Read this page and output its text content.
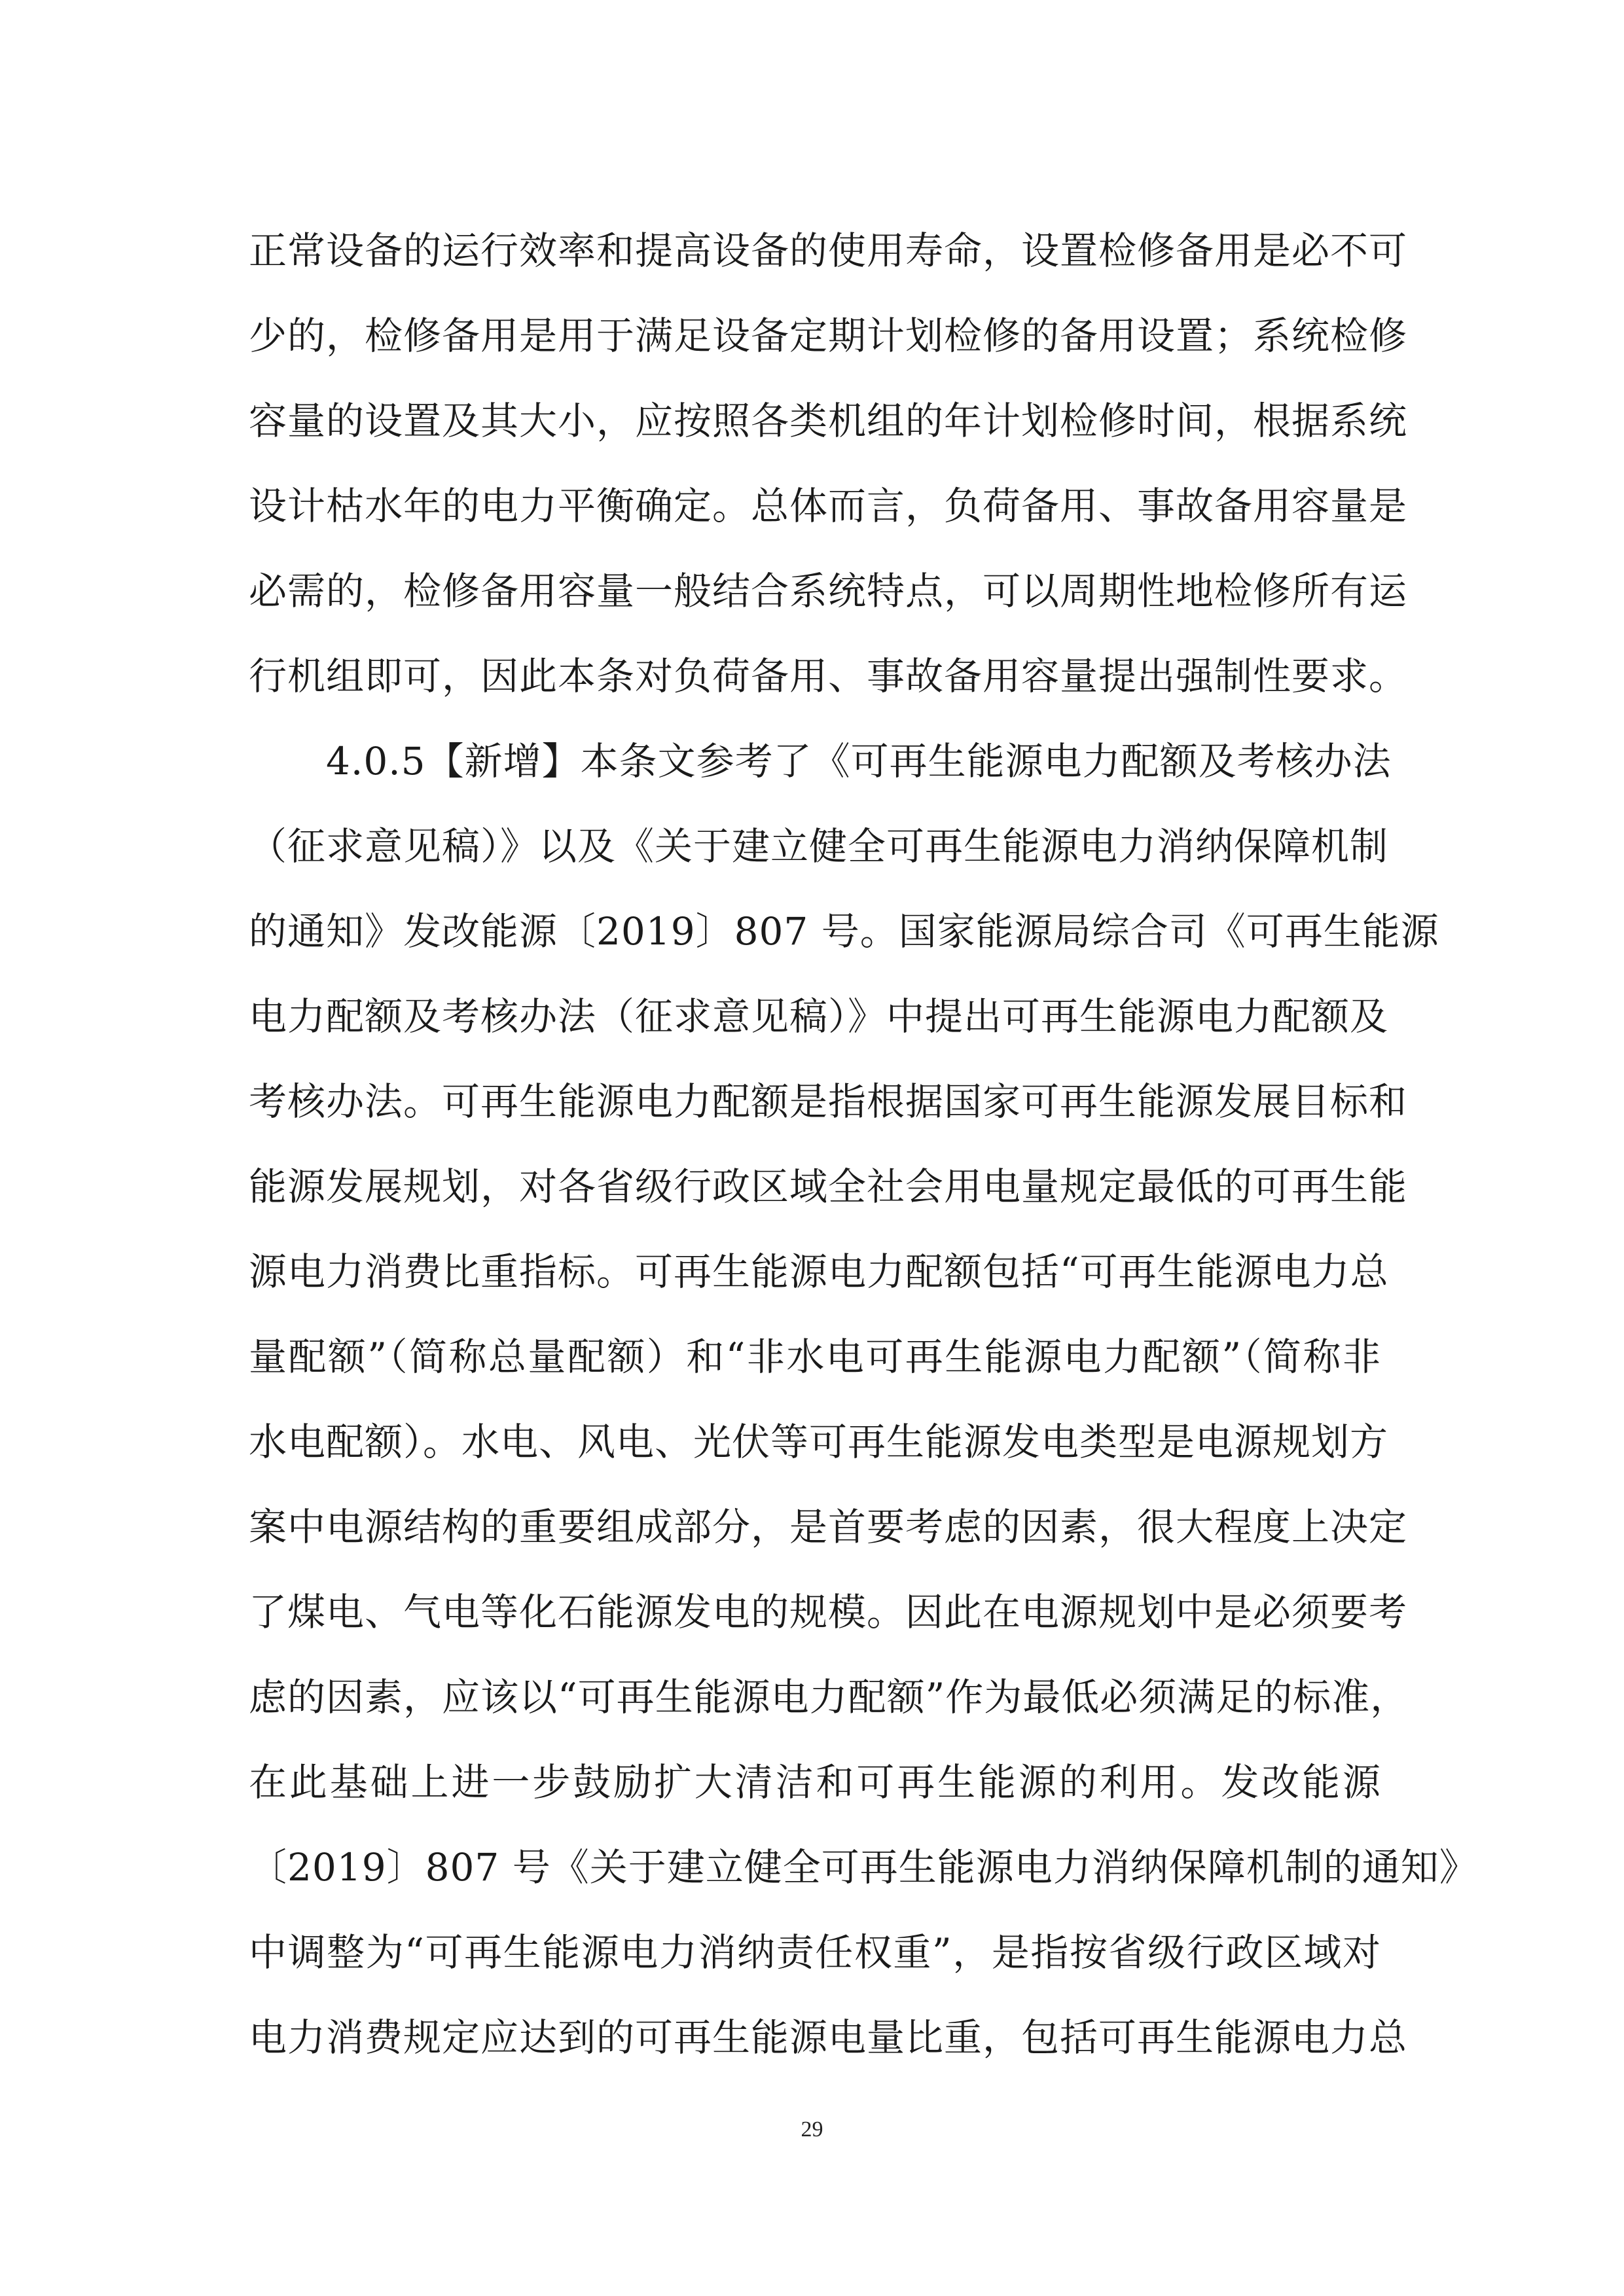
正常设备的运行效率和提高设备的使用寿命，设置检修备用是必不可
少的，检修备用是用于满足设备定期计划检修的备用设置；系统检修
容量的设置及其大小，应按照各类机组的年计划检修时间，根据系统
设计枯水年的电力平衡确定。总体而言，负荷备用、事故备用容量是
必需的，检修备用容量一般结合系统特点，可以周期性地检修所有运
行机组即可，因此本条对负荷备用、事故备用容量提出强制性要求。
4.0.5【新增】本条文参考了《可再生能源电力配额及考核办法
（征求意见稿）》以及《关于建立健全可再生能源电力消纳保障机制
的通知》发改能源〔2019〕807 号。国家能源局综合司《可再生能源
电力配额及考核办法（征求意见稿）》中提出可再生能源电力配额及
考核办法。可再生能源电力配额是指根据国家可再生能源发展目标和
能源发展规划，对各省级行政区域全社会用电量规定最低的可再生能
源电力消费比重指标。可再生能源电力配额包括“可再生能源电力总
量配额”（简称总量配额）和“非水电可再生能源电力配额”（简称非
水电配额）。水电、风电、光伏等可再生能源发电类型是电源规划方
案中电源结构的重要组成部分，是首要考虑的因素，很大程度上决定
了煤电、气电等化石能源发电的规模。因此在电源规划中是必须要考
虑的因素，应该以“可再生能源电力配额”作为最低必须满足的标准，
在此基础上进一步鼓励扩大清洁和可再生能源的利用。发改能源
〔2019〕807 号《关于建立健全可再生能源电力消纳保障机制的通知》
中调整为“可再生能源电力消纳责任权重”，是指按省级行政区域对
电力消费规定应达到的可再生能源电量比重，包括可再生能源电力总
29
